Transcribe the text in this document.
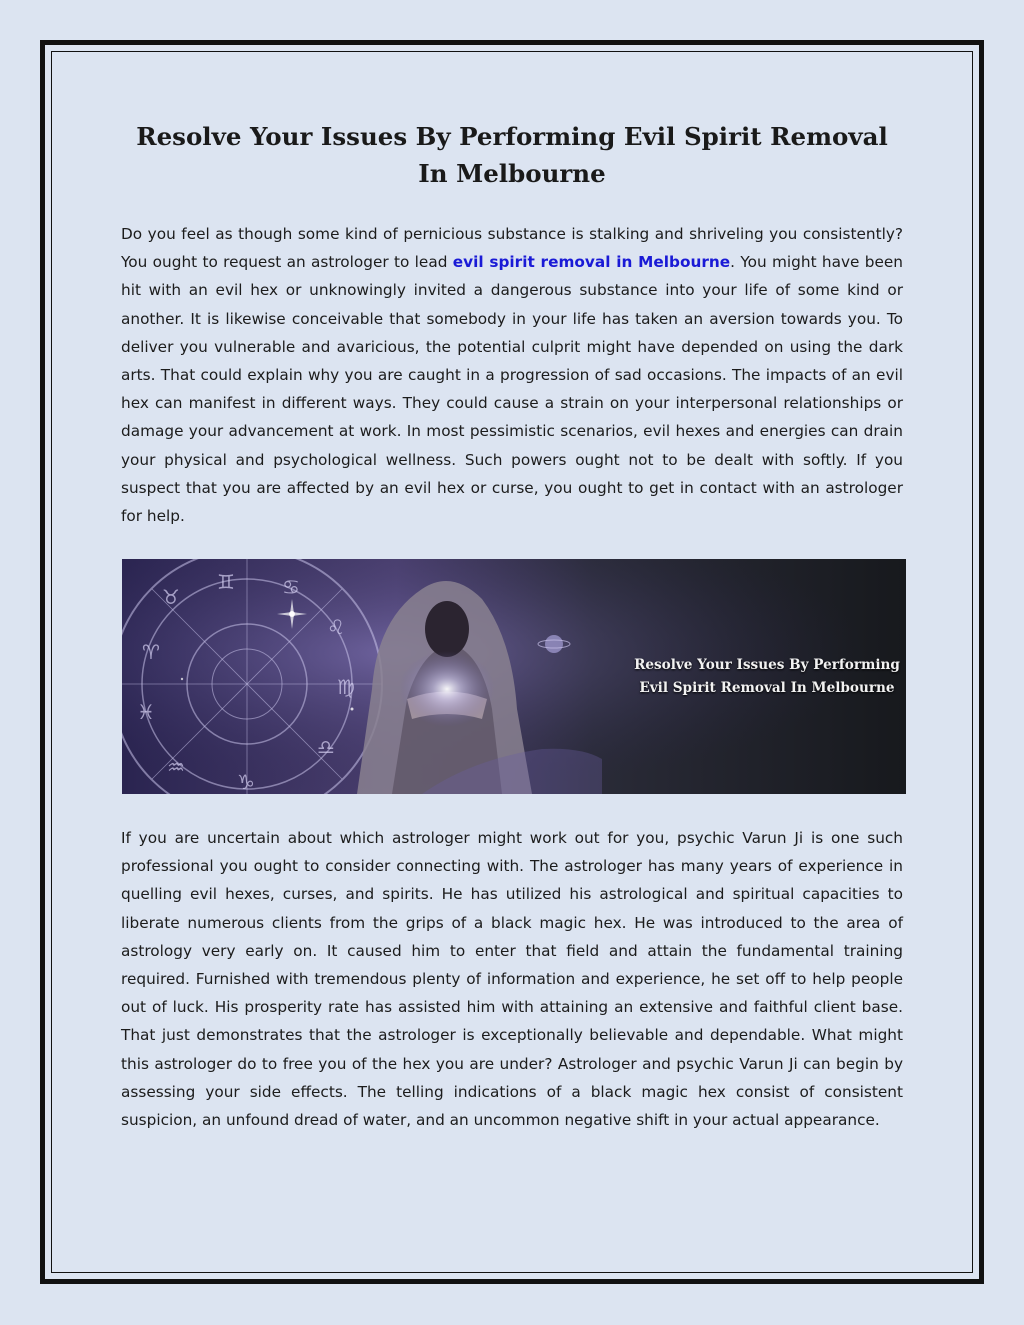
Resolve Your Issues By Performing Evil Spirit Removal In Melbourne

Do you feel as though some kind of pernicious substance is stalking and shriveling you consistently? You ought to request an astrologer to lead evil spirit removal in Melbourne. You might have been hit with an evil hex or unknowingly invited a dangerous substance into your life of some kind or another. It is likewise conceivable that somebody in your life has taken an aversion towards you. To deliver you vulnerable and avaricious, the potential culprit might have depended on using the dark arts. That could explain why you are caught in a progression of sad occasions. The impacts of an evil hex can manifest in different ways. They could cause a strain on your interpersonal relationships or damage your advancement at work. In most pessimistic scenarios, evil hexes and energies can drain your physical and psychological wellness. Such powers ought not to be dealt with softly. If you suspect that you are affected by an evil hex or curse, you ought to get in contact with an astrologer for help.

♉
♊ ♋
♌
♍
♎
♈
♓
♒
♑
Resolve Your Issues By Performing
Evil Spirit Removal In Melbourne

If you are uncertain about which astrologer might work out for you, psychic Varun Ji is one such professional you ought to consider connecting with. The astrologer has many years of experience in quelling evil hexes, curses, and spirits. He has utilized his astrological and spiritual capacities to liberate numerous clients from the grips of a black magic hex. He was introduced to the area of astrology very early on. It caused him to enter that field and attain the fundamental training required. Furnished with tremendous plenty of information and experience, he set off to help people out of luck. His prosperity rate has assisted him with attaining an extensive and faithful client base. That just demonstrates that the astrologer is exceptionally believable and dependable. What might this astrologer do to free you of the hex you are under? Astrologer and psychic Varun Ji can begin by assessing your side effects. The telling indications of a black magic hex consist of consistent suspicion, an unfound dread of water, and an uncommon negative shift in your actual appearance.
